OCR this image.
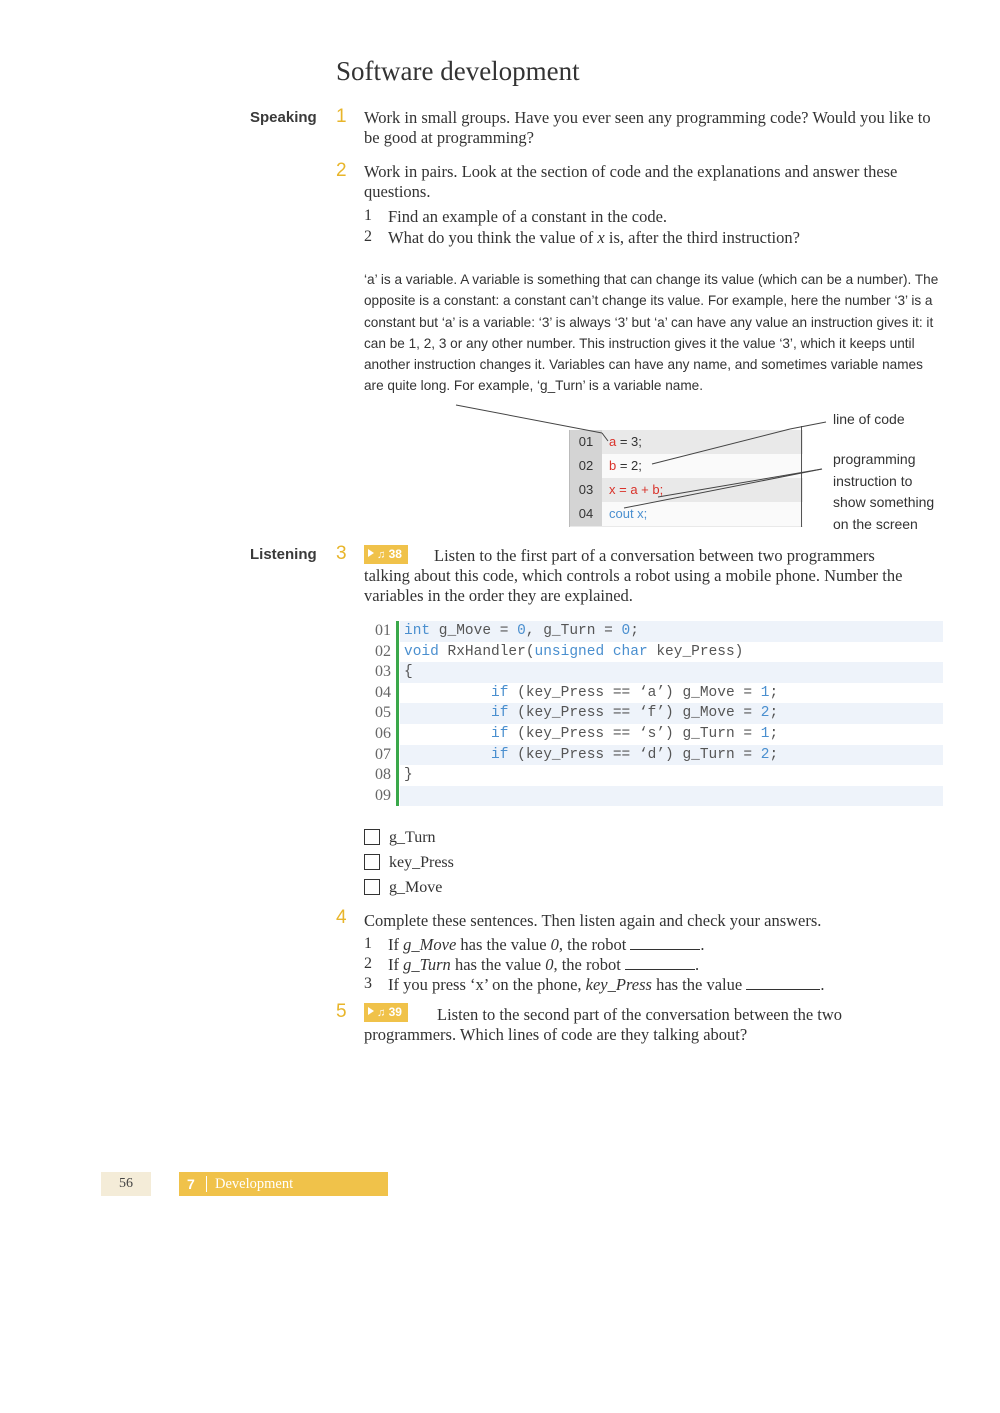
Software development
Speaking 1 Work in small groups. Have you ever seen any programming code? Would you like to be good at programming?
2 Work in pairs. Look at the section of code and the explanations and answer these questions.
1 Find an example of a constant in the code.
2 What do you think the value of x is, after the third instruction?
‘a’ is a variable. A variable is something that can change its value (which can be a number). The opposite is a constant: a constant can’t change its value. For example, here the number ‘3’ is a constant but ‘a’ is a variable: ‘3’ is always ‘3’ but ‘a’ can have any value an instruction gives it: it can be 1, 2, 3 or any other number. This instruction gives it the value ‘3’, which it keeps until another instruction changes it. Variables can have any name, and sometimes variable names are quite long. For example, ‘g_Turn’ is a variable name.
01	a = 3;
02	b = 2;
03	x = a + b;
04	cout x;
line of code
programming
instruction to
show something
on the screen
Listening 3	♫ 38	Listen to the first part of a conversation between two programmers
talking about this code, which controls a robot using a mobile phone. Number the variables in the order they are explained.
01 int g_Move = 0, g_Turn = 0;
02 void RxHandler(unsigned char key_Press)
03 {
04	if (key_Press == ‘a’) g_Move = 1;
05	if (key_Press == ‘f’) g_Move = 2;
06	if (key_Press == ‘s’) g_Turn = 1;
07	if (key_Press == ‘d’) g_Turn = 2;
08 }
09
g_Turn
key_Press
g_Move
4 Complete these sentences. Then listen again and check your answers.
1 If g_Move has the value 0, the robot	.
2 If g_Turn has the value 0, the robot	.
3 If you press ‘x’ on the phone, key_Press has the value	.
5	♫ 39	Listen to the second part of the conversation between the two
programmers. Which lines of code are they talking about?
56	7 Development
